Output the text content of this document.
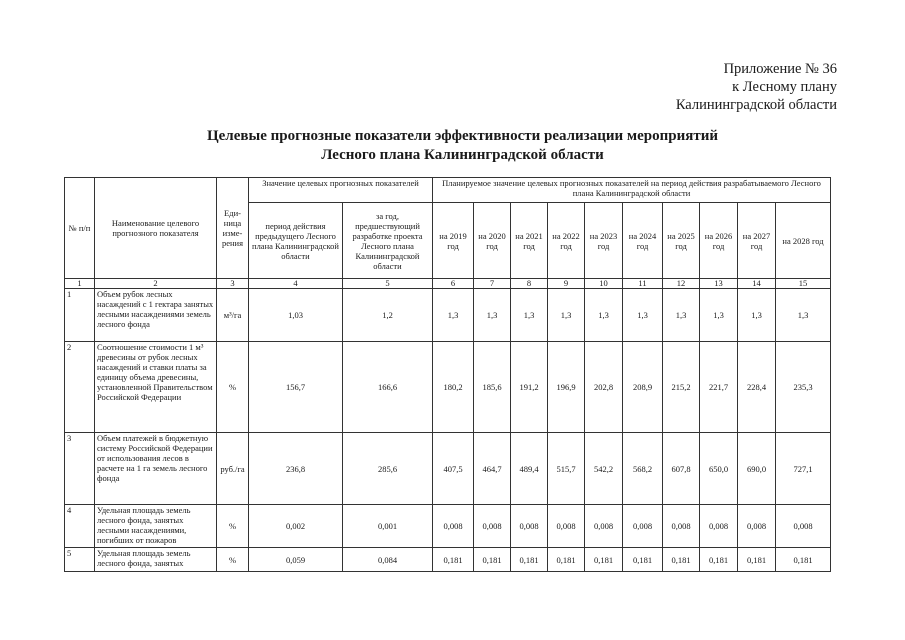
Приложение № 36
к Лесному плану
Калининградской области
Целевые прогнозные показатели эффективности реализации мероприятий
Лесного плана Калининградской области
№ п/п	Наименование целевого прогнозного показателя	Еди-ница изме-рения	Значение целевых прогнозных показателей		Планируемое значение целевых прогнозных показателей на период действия разрабатываемого Лесного плана Калининградской области									
			период действия предыдущего Лесного плана Калининградской области	за год, предшествующий разработке проекта Лесного плана Калининградской области	на 2019 год	на 2020 год	на 2021 год	на 2022 год	на 2023 год	на 2024 год	на 2025 год	на 2026 год	на 2027 год	на 2028 год
1	2	3	4	5	6	7	8	9	10	11	12	13	14	15
1	Объем рубок лесных насаждений с 1 гектара занятых лесными насаждениями земель лесного фонда	м³/га	1,03	1,2	1,3	1,3	1,3	1,3	1,3	1,3	1,3	1,3	1,3	1,3
2	Соотношение стоимости 1 м³ древесины от рубок лесных насаждений и ставки платы за единицу объема древесины, установленной Правительством Российской Федерации	%	156,7	166,6	180,2	185,6	191,2	196,9	202,8	208,9	215,2	221,7	228,4	235,3
3	Объем платежей в бюджетную систему Российской Федерации от использования лесов в расчете на 1 га земель лесного фонда	руб./га	236,8	285,6	407,5	464,7	489,4	515,7	542,2	568,2	607,8	650,0	690,0	727,1
4	Удельная площадь земель лесного фонда, занятых лесными насаждениями, погибших от пожаров	%	0,002	0,001	0,008	0,008	0,008	0,008	0,008	0,008	0,008	0,008	0,008	0,008
5	Удельная площадь земель лесного фонда, занятых	%	0,059	0,084	0,181	0,181	0,181	0,181	0,181	0,181	0,181	0,181	0,181	0,181
